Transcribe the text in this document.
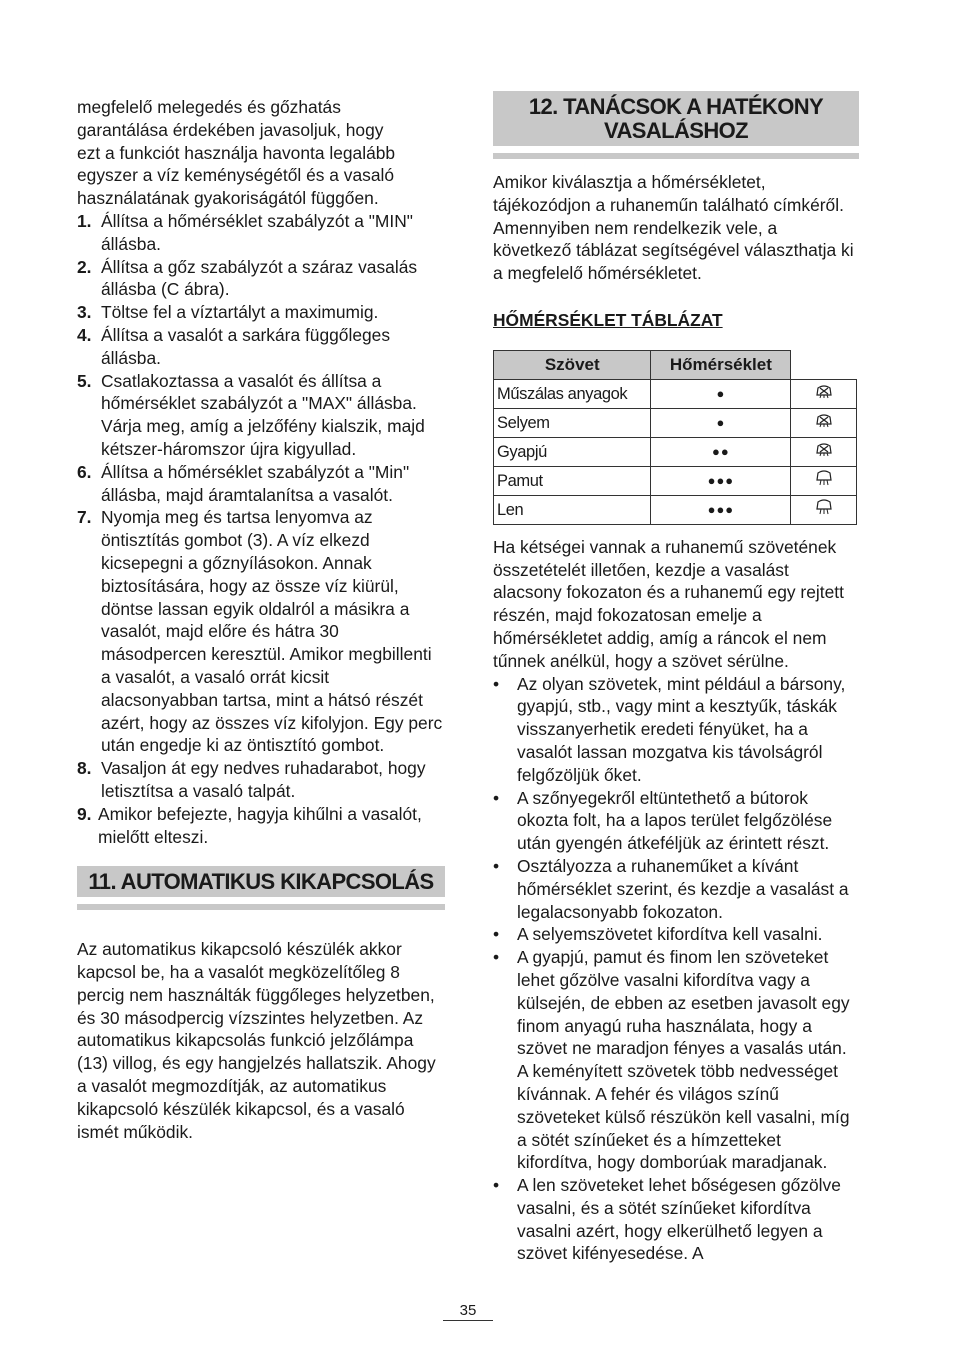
megfelelő melegedés és gőzhatás
garantálása érdekében javasoljuk, hogy
ezt a funkciót használja havonta legalább
egyszer a víz keménységétől és a vasaló
használatának gyakoriságától függően.

1. Állítsa a hőmérséklet szabályzót a "MIN" állásba.
2. Állítsa a gőz szabályzót a száraz vasalás állásba (C ábra).
3. Töltse fel a víztartályt a maximumig.
4. Állítsa a vasalót a sarkára függőleges állásba.
5. Csatlakoztassa a vasalót és állítsa a hőmérséklet szabályzót a "MAX" állásba. Várja meg, amíg a jelzőfény kialszik, majd kétszer-háromszor újra kigyullad.
6. Állítsa a hőmérséklet szabályzót a "Min" állásba, majd áramtalanítsa a vasalót.
7. Nyomja meg és tartsa lenyomva az öntisztítás gombot (3). A víz elkezd kicsepegni a gőznyílásokon. Annak biztosítására, hogy az össze víz kiürül, döntse lassan egyik oldalról a másikra a vasalót, majd előre és hátra 30 másodpercen keresztül. Amikor megbillenti a vasalót, a vasaló orrát kicsit alacsonyabban tartsa, mint a hátsó részét azért, hogy az összes víz kifolyjon. Egy perc után engedje ki az öntisztító gombot.
8. Vasaljon át egy nedves ruhadarabot, hogy letisztítsa a vasaló talpát.
9. Amikor befejezte, hagyja kihűlni a vasalót, mielőtt elteszi.
11. AUTOMATIKUS KIKAPCSOLÁS

Az automatikus kikapcsoló készülék akkor kapcsol be, ha a vasalót megközelítőleg 8 percig nem használták függőleges helyzetben, és 30 másodpercig vízszintes helyzetben. Az automatikus kikapcsolás funkció jelzőlámpa (13) villog, és egy hangjelzés hallatszik. Ahogy a vasalót megmozdítják, az automatikus kikapcsoló készülék kikapcsol, és a vasaló ismét működik.

12. TANÁCSOK A HATÉKONY
VASALÁSHOZ

Amikor kiválasztja a hőmérsékletet, tájékozódjon a ruhaneműn található címkéről. Amennyiben nem rendelkezik vele, a következő táblázat segítségével választhatja ki a megfelelő hőmérsékletet.

HŐMÉRSÉKLET TÁBLÁZAT
Szövet	Hőmérséklet	
Műszálas anyagok	●	
Selyem	●	
Gyapjú	●●	
Pamut	●●●	
Len	●●●	

Ha kétségei vannak a ruhanemű szövetének összetételét illetően, kezdje a vasalást alacsony fokozaton és a ruhanemű egy rejtett részén, majd fokozatosan emelje a hőmérsékletet addig, amíg a ráncok el nem tűnnek anélkül, hogy a szövet sérülne.

•	Az olyan szövetek, mint például a bársony, gyapjú, stb., vagy mint a kesztyűk, táskák visszanyerhetik eredeti fényüket, ha a vasalót lassan mozgatva kis távolságról felgőzöljük őket.
•	A szőnyegekről eltüntethető a bútorok okozta folt, ha a lapos terület felgőzölése után gyengén átkeféljük az érintett részt.
•	Osztályozza a ruhaneműket a kívánt hőmérséklet szerint, és kezdje a vasalást a legalacsonyabb fokozaton.
•	A selyemszövetet kifordítva kell vasalni.
•	A gyapjú, pamut és finom len szöveteket lehet gőzölve vasalni kifordítva vagy a külsején, de ebben az esetben javasolt egy finom anyagú ruha használata, hogy a szövet ne maradjon fényes a vasalás után. A keményített szövetek több nedvességet kívánnak. A fehér és világos színű szöveteket külső részükön kell vasalni, míg a sötét színűeket és a hímzetteket kifordítva, hogy domborúak maradjanak.
•	A len szöveteket lehet bőségesen gőzölve vasalni, és a sötét színűeket kifordítva vasalni azért, hogy elkerülhető legyen a szövet kifényesedése. A
35
